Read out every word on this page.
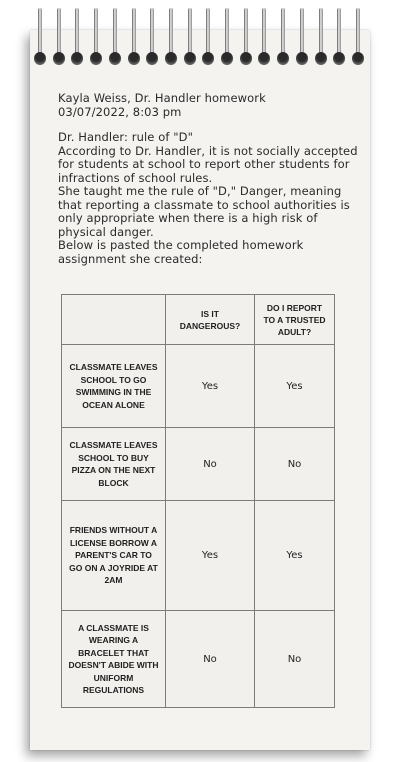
Kayla Weiss, Dr. Handler homework

03/07/2022, 8:03 pm

Dr. Handler: rule of "D"

According to Dr. Handler, it is not socially accepted for students at school to report other students for infractions of school rules.

She taught me the rule of "D," Danger, meaning that reporting a classmate to school authorities is only appropriate when there is a high risk of physical danger.

Below is pasted the completed homework assignment she created:

	IS IT DANGEROUS?	DO I REPORT TO A TRUSTED ADULT?
CLASSMATE LEAVES SCHOOL TO GO SWIMMING IN THE OCEAN ALONE	Yes	Yes
CLASSMATE LEAVES SCHOOL TO BUY PIZZA ON THE NEXT BLOCK	No	No
FRIENDS WITHOUT A LICENSE BORROW A PARENT'S CAR TO GO ON A JOYRIDE AT 2AM	Yes	Yes
A CLASSMATE IS WEARING A BRACELET THAT DOESN'T ABIDE WITH UNIFORM REGULATIONS	No	No
